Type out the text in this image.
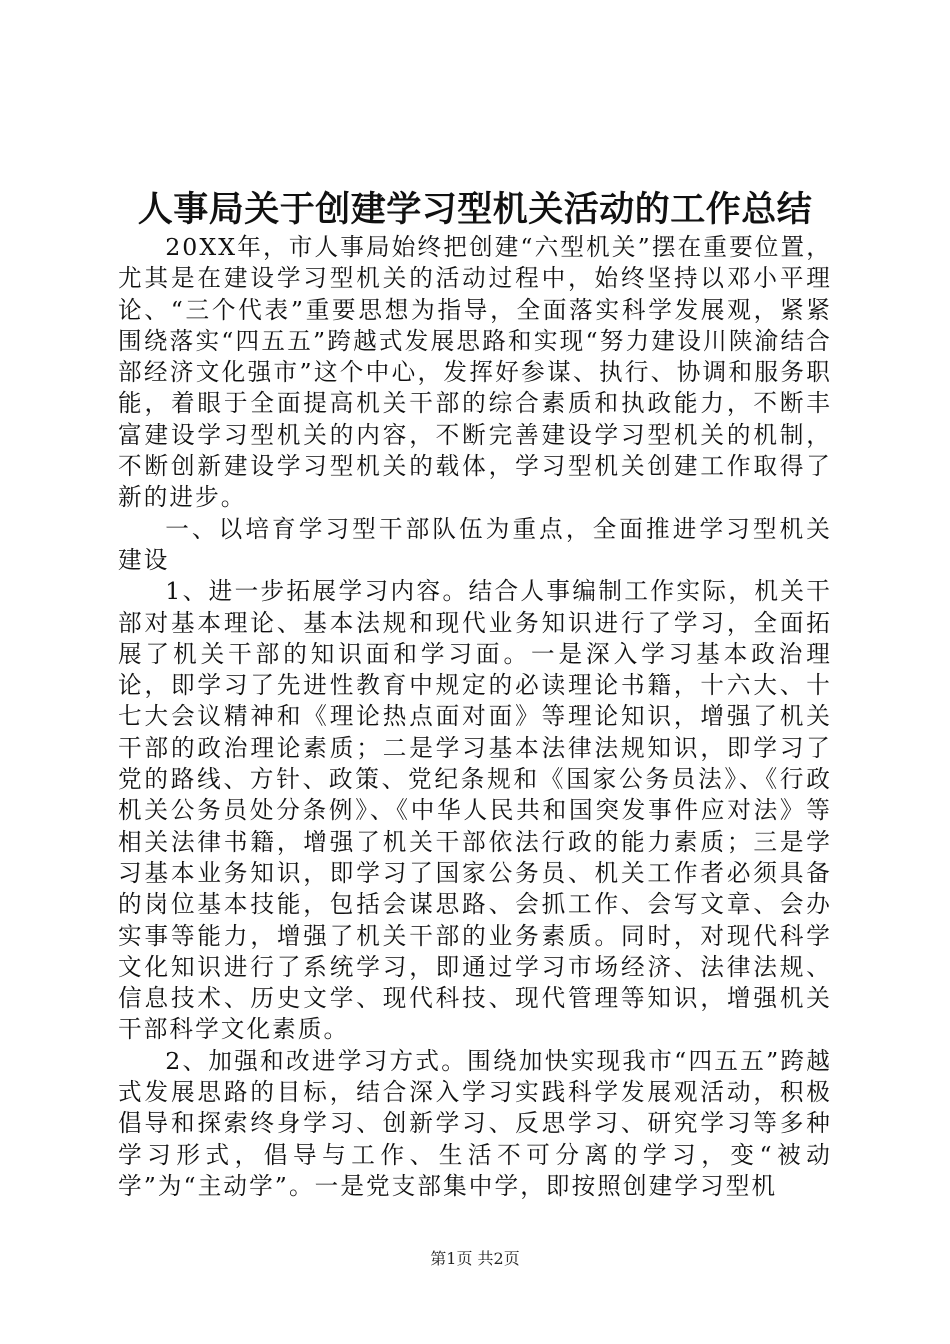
人事局关于创建学习型机关活动的工作总结

20XX年，市人事局始终把创建“六型机关”摆在重要位置，尤其是在建设学习型机关的活动过程中，始终坚持以邓小平理论、“三个代表”重要思想为指导，全面落实科学发展观，紧紧围绕落实“四五五”跨越式发展思路和实现“努力建设川陕渝结合部经济文化强市”这个中心，发挥好参谋、执行、协调和服务职能，着眼于全面提高机关干部的综合素质和执政能力，不断丰富建设学习型机关的内容，不断完善建设学习型机关的机制，不断创新建设学习型机关的载体，学习型机关创建工作取得了新的进步。

一、以培育学习型干部队伍为重点，全面推进学习型机关建设

1、进一步拓展学习内容。结合人事编制工作实际，机关干部对基本理论、基本法规和现代业务知识进行了学习，全面拓展了机关干部的知识面和学习面。一是深入学习基本政治理论，即学习了先进性教育中规定的必读理论书籍，十六大、十七大会议精神和《理论热点面对面》等理论知识，增强了机关干部的政治理论素质；二是学习基本法律法规知识，即学习了党的路线、方针、政策、党纪条规和《国家公务员法》、《行政机关公务员处分条例》、《中华人民共和国突发事件应对法》等相关法律书籍，增强了机关干部依法行政的能力素质；三是学习基本业务知识，即学习了国家公务员、机关工作者必须具备的岗位基本技能，包括会谋思路、会抓工作、会写文章、会办实事等能力，增强了机关干部的业务素质。同时，对现代科学文化知识进行了系统学习，即通过学习市场经济、法律法规、信息技术、历史文学、现代科技、现代管理等知识，增强机关干部科学文化素质。

2、加强和改进学习方式。围绕加快实现我市“四五五”跨越式发展思路的目标，结合深入学习实践科学发展观活动，积极倡导和探索终身学习、创新学习、反思学习、研究学习等多种学习形式，倡导与工作、生活不可分离的学习，变“被动学”为“主动学”。一是党支部集中学，即按照创建学习型机

第1页 共2页
